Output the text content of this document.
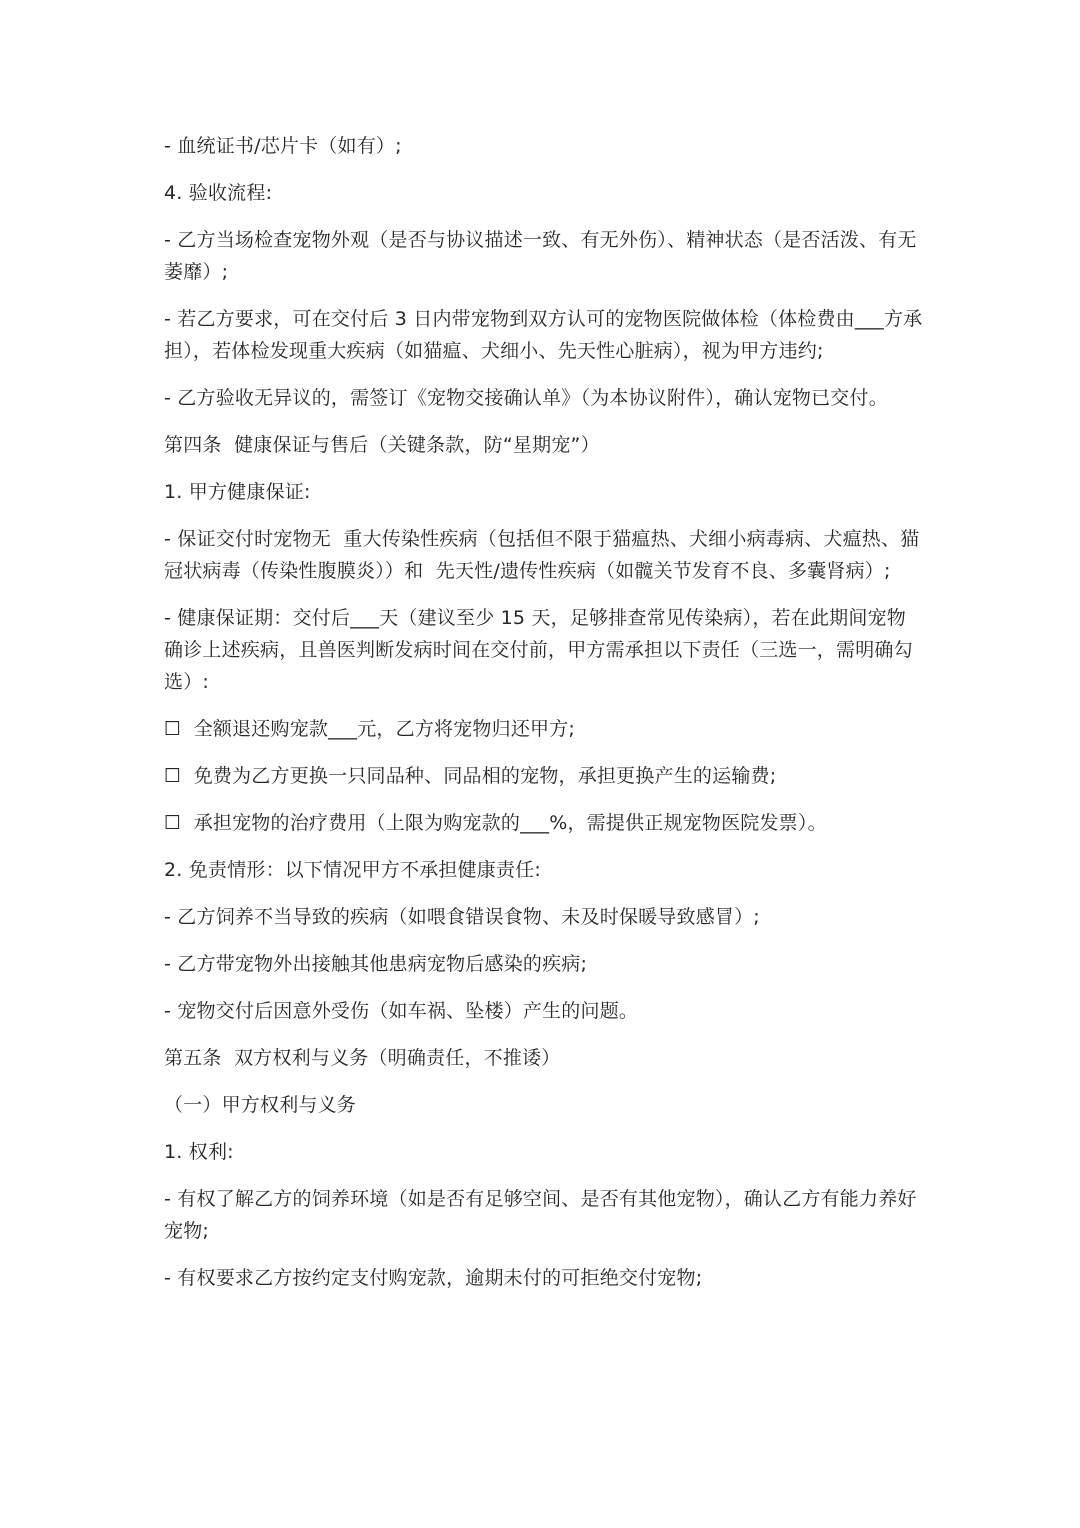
- 血统证书/芯片卡（如有）;

4. 验收流程:

- 乙方当场检查宠物外观（是否与协议描述一致、有无外伤）、精神状态（是否活泼、有无萎靡）;

- 若乙方要求，可在交付后 3 日内带宠物到双方认可的宠物医院做体检（体检费由___方承担），若体检发现重大疾病（如猫瘟、犬细小、先天性心脏病），视为甲方违约;

- 乙方验收无异议的，需签订《宠物交接确认单》（为本协议附件），确认宠物已交付。

第四条  健康保证与售后（关键条款，防“星期宠”）

1. 甲方健康保证:

- 保证交付时宠物无  重大传染性疾病（包括但不限于猫瘟热、犬细小病毒病、犬瘟热、猫冠状病毒（传染性腹膜炎））和  先天性/遗传性疾病（如髋关节发育不良、多囊肾病）;

- 健康保证期：交付后___天（建议至少 15 天，足够排查常见传染病），若在此期间宠物确诊上述疾病，且兽医判断发病时间在交付前，甲方需承担以下责任（三选一，需明确勾选）:

☐  全额退还购宠款___元，乙方将宠物归还甲方;

☐  免费为乙方更换一只同品种、同品相的宠物，承担更换产生的运输费;

☐  承担宠物的治疗费用（上限为购宠款的___%，需提供正规宠物医院发票）。

2. 免责情形：以下情况甲方不承担健康责任:

- 乙方饲养不当导致的疾病（如喂食错误食物、未及时保暖导致感冒）;

- 乙方带宠物外出接触其他患病宠物后感染的疾病;

- 宠物交付后因意外受伤（如车祸、坠楼）产生的问题。

第五条  双方权利与义务（明确责任，不推诿）

（一）甲方权利与义务

1. 权利:

- 有权了解乙方的饲养环境（如是否有足够空间、是否有其他宠物），确认乙方有能力养好宠物;

- 有权要求乙方按约定支付购宠款，逾期未付的可拒绝交付宠物;
